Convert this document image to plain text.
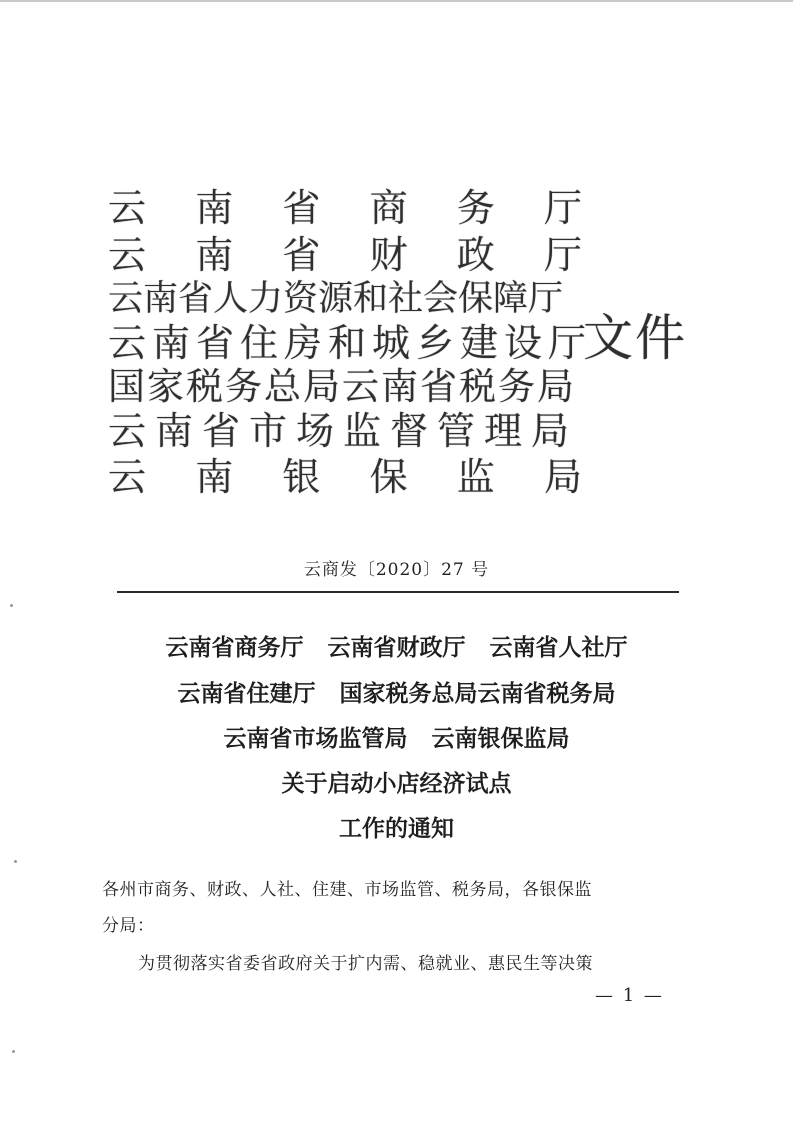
云 南 省 商 务 厅
云 南 省 财 政 厅
云南省人力资源和社会保障厅
云南省住房和城乡建设厅
国家税务总局云南省税务局
云南省市场监督管理局
云 南 银 保 监 局
文件
云商发〔2020〕27 号
云南省商务厅   云南省财政厅   云南省人社厅
云南省住建厅   国家税务总局云南省税务局
云南省市场监管局   云南银保监局
关于启动小店经济试点
工作的通知
各州市商务、财政、人社、住建、市场监管、税务局，各银保监
分局：
为贯彻落实省委省政府关于扩内需、稳就业、惠民生等决策
— 1 —
